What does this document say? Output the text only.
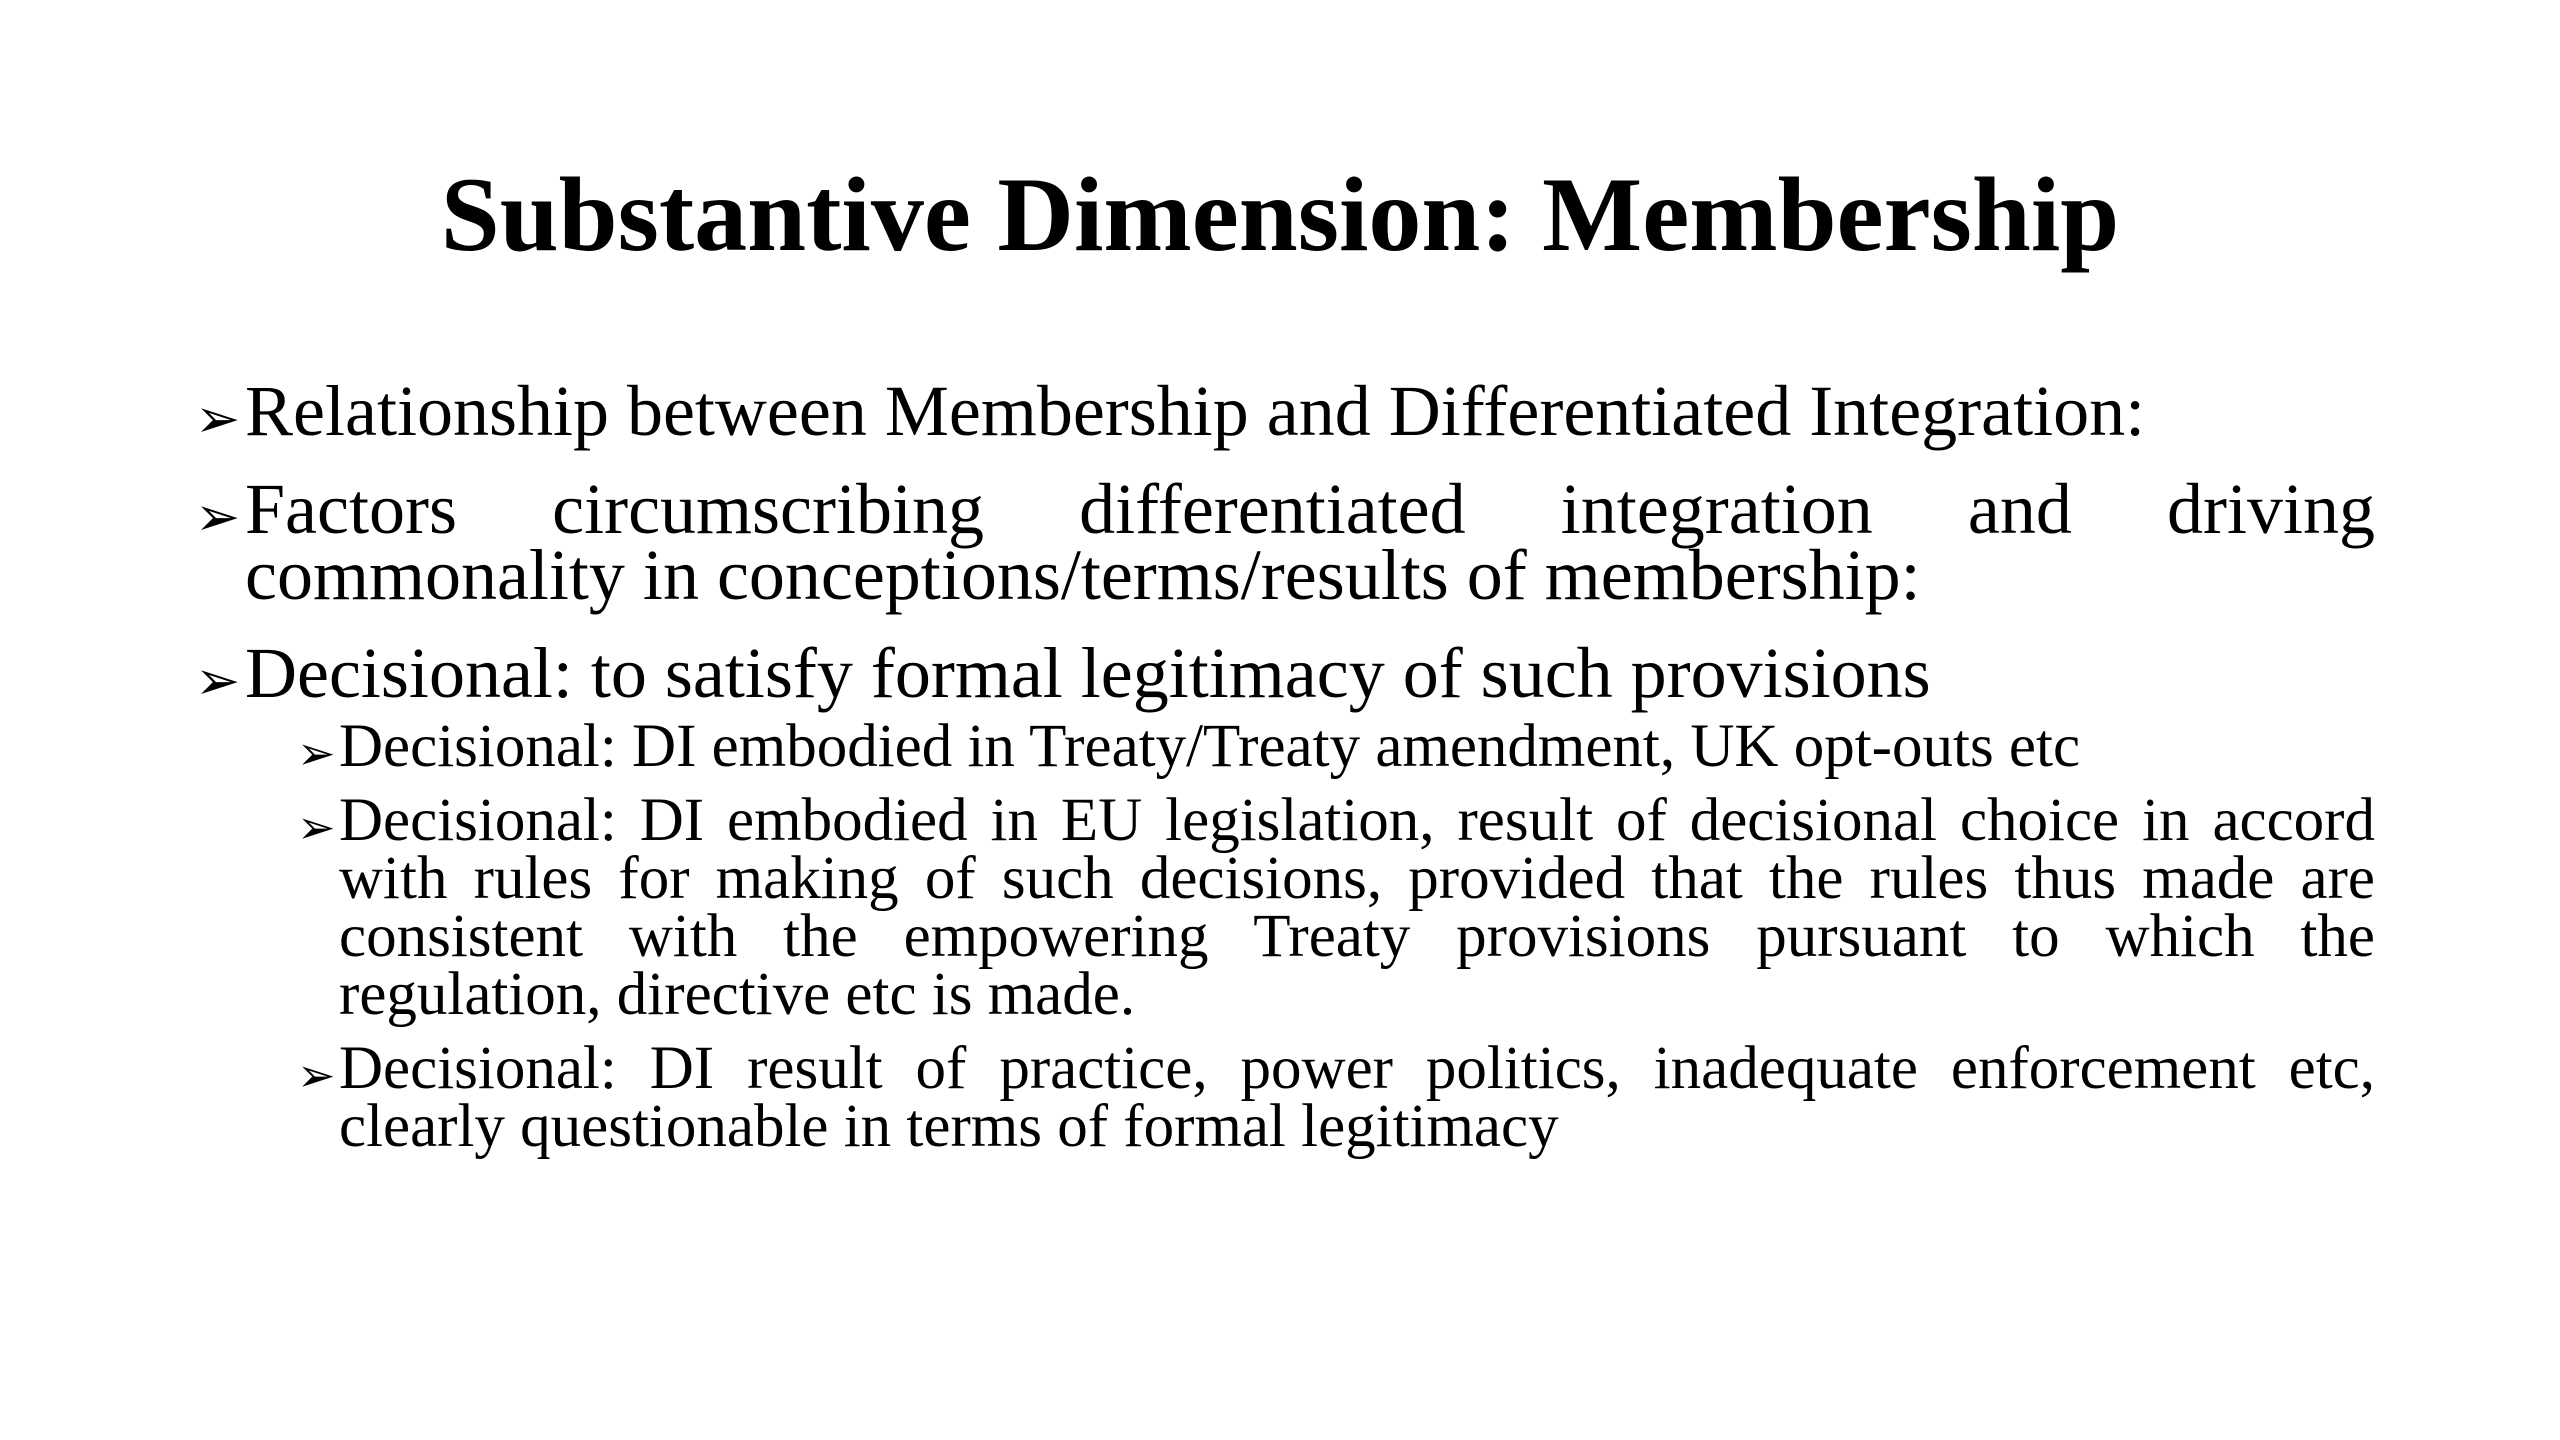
Substantive Dimension: Membership
➢ Relationship between Membership and Differentiated Integration:
➢ Factors circumscribing differentiated integration and driving commonality in conceptions/terms/results of membership:
➢ Decisional: to satisfy formal legitimacy of such provisions
➢ Decisional: DI embodied in Treaty/Treaty amendment, UK opt-outs etc
➢ Decisional: DI embodied in EU legislation, result of decisional choice in accord with rules for making of such decisions, provided that the rules thus made are consistent with the empowering Treaty provisions pursuant to which the regulation, directive etc is made.
➢ Decisional: DI result of practice, power politics, inadequate enforcement etc, clearly questionable in terms of formal legitimacy
